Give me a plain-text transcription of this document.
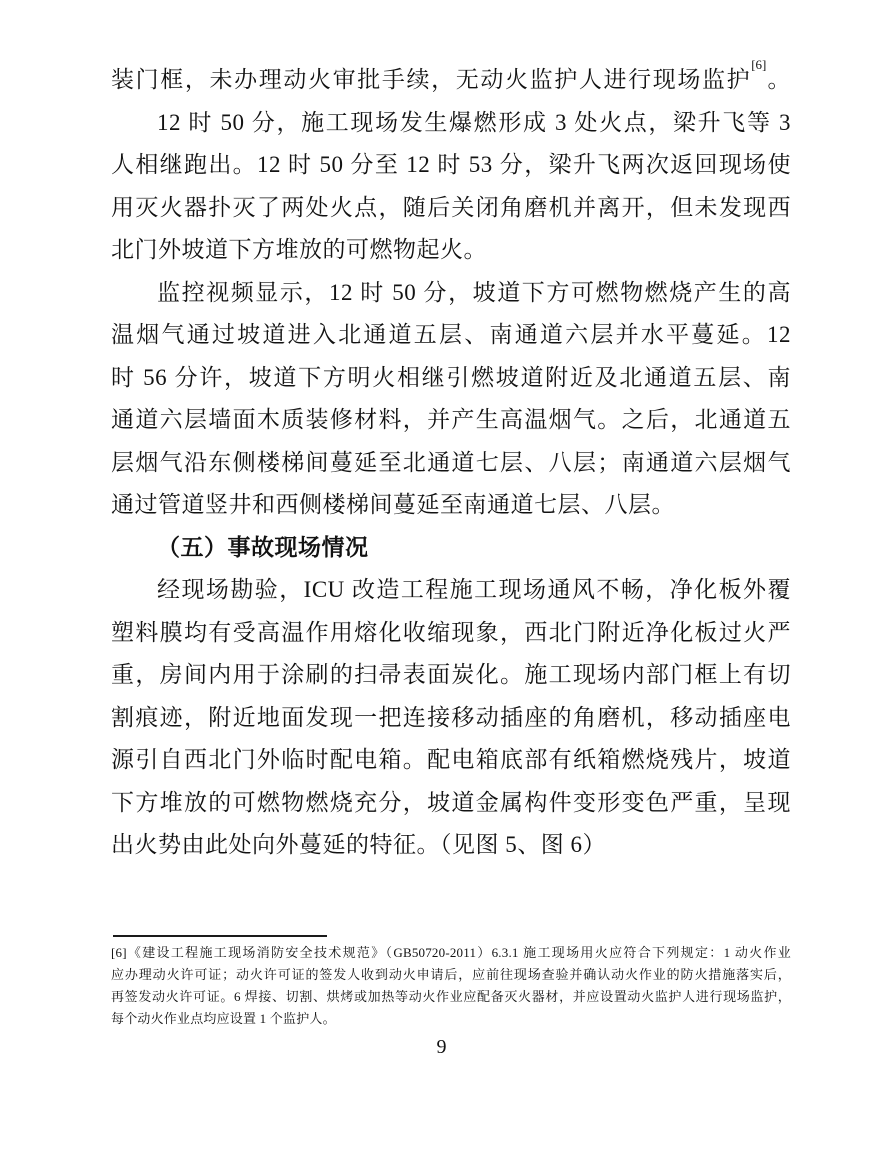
装门框，未办理动火审批手续，无动火监护人进行现场监护[6]。
12 时 50 分，施工现场发生爆燃形成 3 处火点，梁升飞等 3
人相继跑出。12 时 50 分至 12 时 53 分，梁升飞两次返回现场使
用灭火器扑灭了两处火点，随后关闭角磨机并离开，但未发现西
北门外坡道下方堆放的可燃物起火。
监控视频显示，12 时 50 分，坡道下方可燃物燃烧产生的高
温烟气通过坡道进入北通道五层、南通道六层并水平蔓延。12
时 56 分许，坡道下方明火相继引燃坡道附近及北通道五层、南
通道六层墙面木质装修材料，并产生高温烟气。之后，北通道五
层烟气沿东侧楼梯间蔓延至北通道七层、八层；南通道六层烟气
通过管道竖井和西侧楼梯间蔓延至南通道七层、八层。
（五）事故现场情况
经现场勘验，ICU 改造工程施工现场通风不畅，净化板外覆
塑料膜均有受高温作用熔化收缩现象，西北门附近净化板过火严
重，房间内用于涂刷的扫帚表面炭化。施工现场内部门框上有切
割痕迹，附近地面发现一把连接移动插座的角磨机，移动插座电
源引自西北门外临时配电箱。配电箱底部有纸箱燃烧残片，坡道
下方堆放的可燃物燃烧充分，坡道金属构件变形变色严重，呈现
出火势由此处向外蔓延的特征。（见图 5、图 6）
[6]《建设工程施工现场消防安全技术规范》（GB50720-2011）6.3.1 施工现场用火应符合下列规定：1 动火作业
应办理动火许可证；动火许可证的签发人收到动火申请后，应前往现场查验并确认动火作业的防火措施落实后，
再签发动火许可证。6 焊接、切割、烘烤或加热等动火作业应配备灭火器材，并应设置动火监护人进行现场监护，
每个动火作业点均应设置 1 个监护人。
9
